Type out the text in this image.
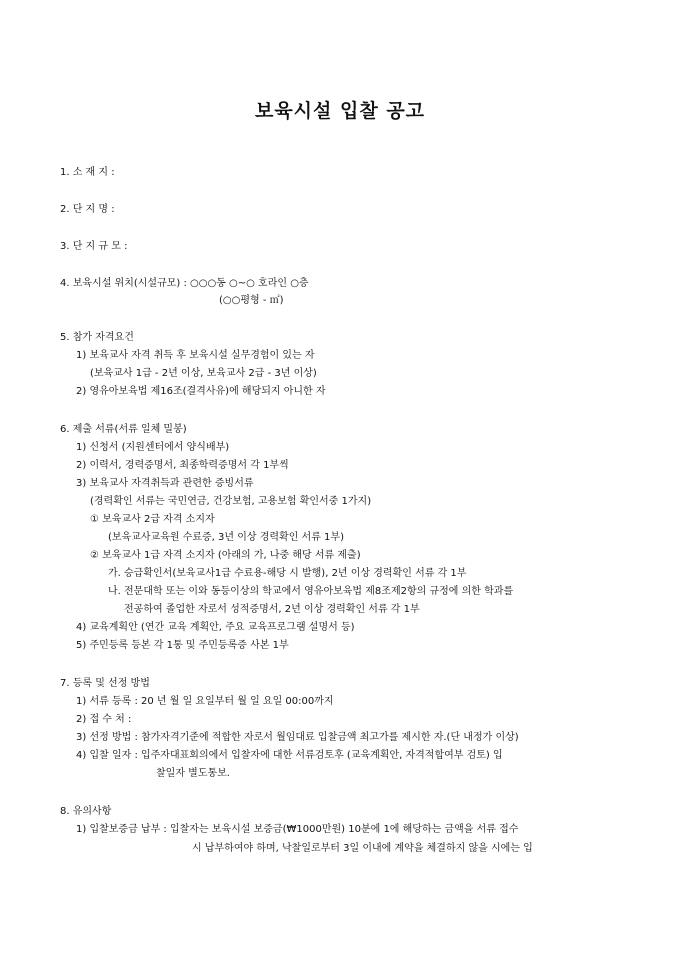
보육시설 입찰 공고
1. 소 재 지 :
2. 단 지 명 :
3. 단 지 규 모 :
4. 보육시설 위치(시설규모) : ○○○동 ○~○ 호라인 ○층
(○○평형 - ㎡)
5. 참가 자격요건
1) 보육교사 자격 취득 후 보육시설 실무경험이 있는 자
(보육교사 1급 - 2년 이상, 보육교사 2급 - 3년 이상)
2) 영유아보육법 제16조(결격사유)에 해당되지 아니한 자
6. 제출 서류(서류 일체 밀봉)
1) 신청서 (지원센터에서 양식배부)
2) 이력서, 경력증명서, 최종학력증명서 각 1부씩
3) 보육교사 자격취득과 관련한 증빙서류
(경력확인 서류는 국민연금, 건강보험, 고용보험 확인서중 1가지)
① 보육교사 2급 자격 소지자
(보육교사교육원 수료증, 3년 이상 경력확인 서류 1부)
② 보육교사 1급 자격 소지자 (아래의 가, 나중 해당 서류 제출)
가. 승급확인서(보육교사1급 수료용-해당 시 발행), 2년 이상 경력확인 서류 각 1부
나. 전문대학 또는 이와 동등이상의 학교에서 영유아보육법 제8조제2항의 규정에 의한 학과를
전공하여 졸업한 자로서 성적증명서, 2년 이상 경력확인 서류 각 1부
4) 교육계획안 (연간 교육 계획안, 주요 교육프로그램 설명서 등)
5) 주민등록 등본 각 1통 및 주민등록증 사본 1부
7. 등록 및 선정 방법
1) 서류 등록 : 20 년 월 일 요일부터 월 일 요일 00:00까지
2) 접 수 처 :
3) 선정 방법 : 참가자격기준에 적합한 자로서 월임대료 입찰금액 최고가를 제시한 자.(단 내정가 이상)
4) 입찰 일자 : 입주자대표회의에서 입찰자에 대한 서류검토후 (교육계획안, 자격적합여부 검토) 입
찰일자 별도통보.
8. 유의사항
1) 입찰보증금 납부 : 입찰자는 보육시설 보증금(₩1000만원) 10분에 1에 해당하는 금액을 서류 접수
시 납부하여야 하며, 낙찰일로부터 3일 이내에 계약을 체결하지 않을 시에는 입
